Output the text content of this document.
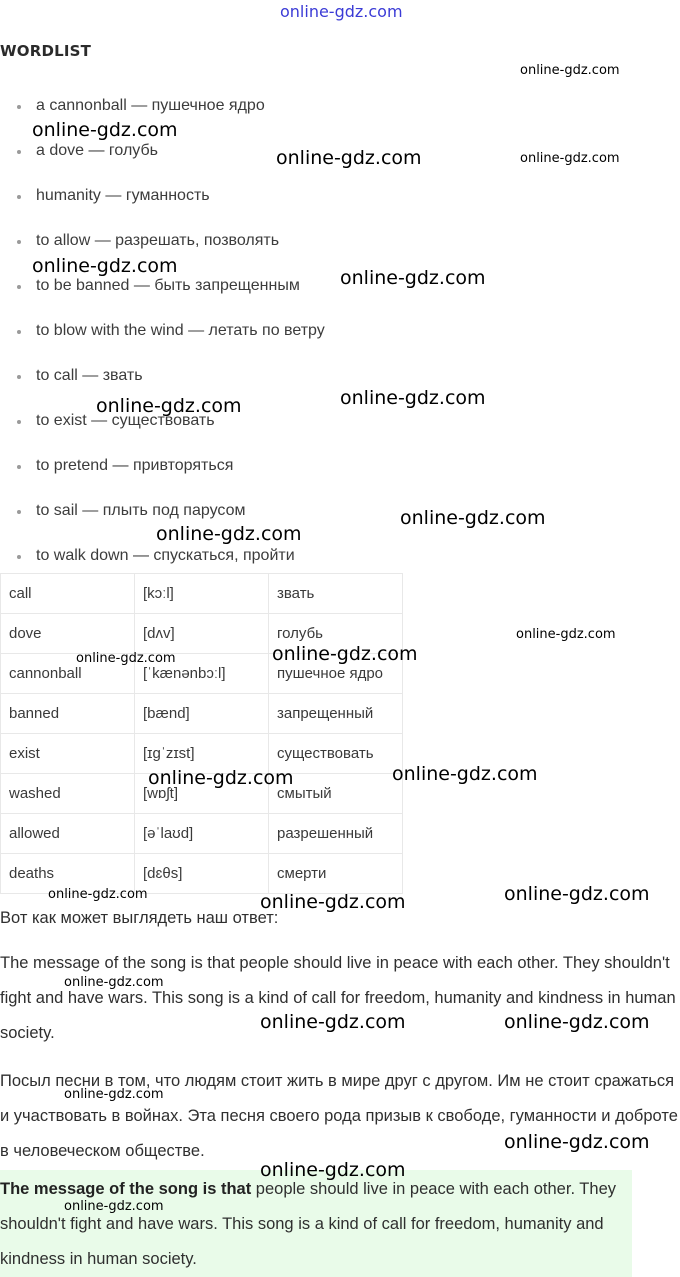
online-gdz.com
WORDLIST
a cannonball — пушечное ядро
a dove — голубь
humanity — гуманность
to allow — разрешать, позволять
to be banned — быть запрещенным
to blow with the wind — летать по ветру
to call — звать
to exist — существовать
to pretend — привторяться
to sail — плыть под парусом
to walk down — спускаться, пройти
call	[kɔːl]	звать
dove	[dʌv]	голубь
cannonball	[ˈkænənbɔːl]	пушечное ядро
banned	[bænd]	запрещенный
exist	[ɪɡˈzɪst]	существовать
washed	[wɒʃt]	смытый
allowed	[əˈlaʊd]	разрешенный
deaths	[dɛθs]	смерти

Вот как может выглядеть наш ответ:

The message of the song is that people should live in peace with each other. They shouldn't fight and have wars. This song is a kind of call for freedom, humanity and kindness in human society.

Посыл песни в том, что людям стоит жить в мире друг с другом. Им не стоит сражаться и участвовать в войнах. Эта песня своего рода призыв к свободе, гуманности и доброте в человеческом обществе.

The message of the song is that people should live in peace with each other. They shouldn't fight and have wars. This song is a kind of call for freedom, humanity and kindness in human society.
online-gdz.com
online-gdz.com
online-gdz.com	online-gdz.com
online-gdz.com
online-gdz.com
online-gdz.com	online-gdz.com
online-gdz.com
online-gdz.com
online-gdz.com
online-gdz.com
online-gdz.com
online-gdz.com	online-gdz.com
online-gdz.com	online-gdz.com
online-gdz.com
online-gdz.com
online-gdz.com	online-gdz.com
online-gdz.com
online-gdz.com
online-gdz.com
online-gdz.com
